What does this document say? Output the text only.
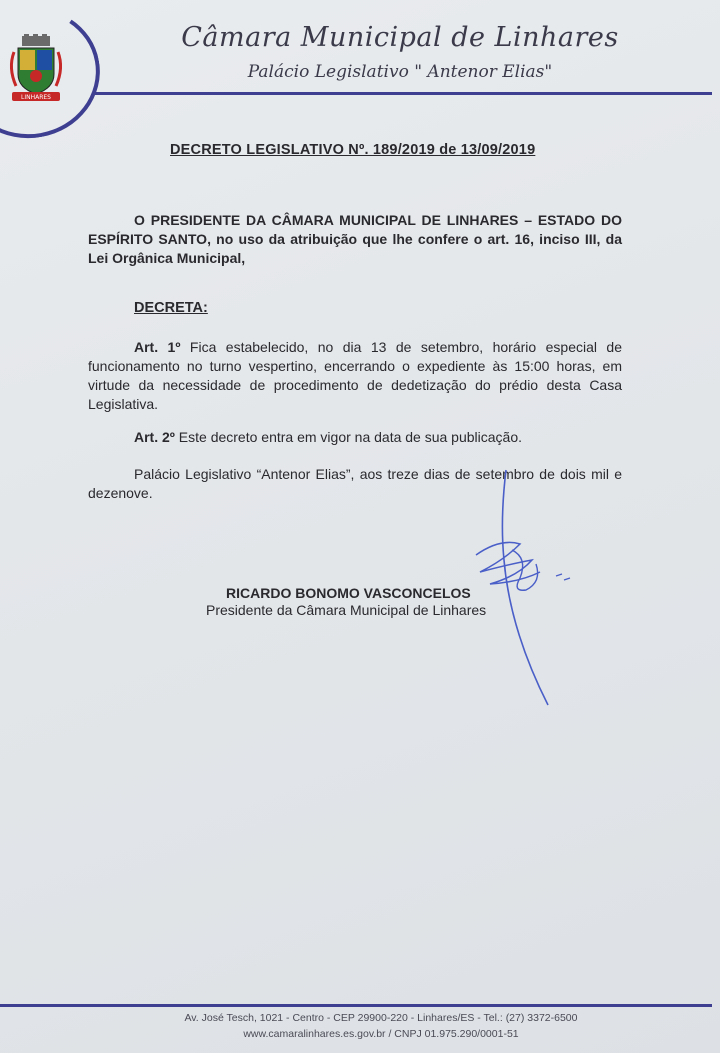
LINHARES
Câmara Municipal de Linhares
Palácio Legislativo " Antenor Elias"
DECRETO LEGISLATIVO Nº. 189/2019 de 13/09/2019

O PRESIDENTE DA CÂMARA MUNICIPAL DE LINHARES – ESTADO DO ESPÍRITO SANTO, no uso da atribuição que lhe confere o art. 16, inciso III, da Lei Orgânica Municipal,

DECRETA:

Art. 1º Fica estabelecido, no dia 13 de setembro, horário especial de funcionamento no turno vespertino, encerrando o expediente às 15:00 horas, em virtude da necessidade de procedimento de dedetização do prédio desta Casa Legislativa.

Art. 2º Este decreto entra em vigor na data de sua publicação.

Palácio Legislativo “Antenor Elias”, aos treze dias de setembro de dois mil e dezenove.

RICARDO BONOMO VASCONCELOS
Presidente da Câmara Municipal de Linhares
Av. José Tesch, 1021 - Centro - CEP 29900-220 - Linhares/ES - Tel.: (27) 3372-6500
www.camaralinhares.es.gov.br / CNPJ 01.975.290/0001-51
